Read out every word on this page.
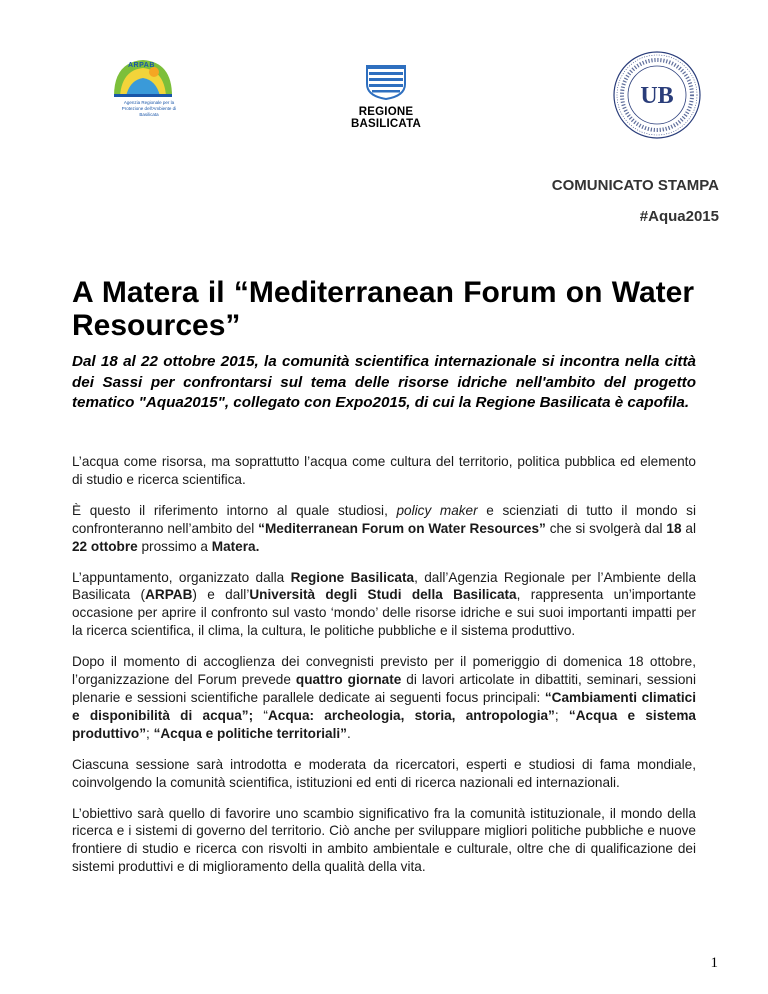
ARPAB
Agenzia Regionale per la Protezione dell'Ambiente di Basilicata	REGIONE BASILICATA
UB
COMUNICATO STAMPA
#Aqua2015
A Matera il “Mediterranean Forum on Water Resources”

Dal 18 al 22 ottobre 2015, la comunità scientifica internazionale si incontra nella città dei Sassi per confrontarsi sul tema delle risorse idriche nell'ambito del progetto tematico "Aqua2015", collegato con Expo2015, di cui la Regione Basilicata è capofila.

L’acqua come risorsa, ma soprattutto l’acqua come cultura del territorio, politica pubblica ed elemento di studio e ricerca scientifica.

È questo il riferimento intorno al quale studiosi, policy maker e scienziati di tutto il mondo si confronteranno nell’ambito del “Mediterranean Forum on Water Resources” che si svolgerà dal 18 al 22 ottobre prossimo a Matera.

L’appuntamento, organizzato dalla Regione Basilicata, dall’Agenzia Regionale per l’Ambiente della Basilicata (ARPAB) e dall’Università degli Studi della Basilicata, rappresenta un’importante occasione per aprire il confronto sul vasto ‘mondo’ delle risorse idriche e sui suoi importanti impatti per la ricerca scientifica, il clima, la cultura, le politiche pubbliche e il sistema produttivo.

Dopo il momento di accoglienza dei convegnisti previsto per il pomeriggio di domenica 18 ottobre, l’organizzazione del Forum prevede quattro giornate di lavori articolate in dibattiti, seminari, sessioni plenarie e sessioni scientifiche parallele dedicate ai seguenti focus principali: “Cambiamenti climatici e disponibilità di acqua”; “Acqua: archeologia, storia, antropologia”; “Acqua e sistema produttivo”; “Acqua e politiche territoriali”.

Ciascuna sessione sarà introdotta e moderata da ricercatori, esperti e studiosi di fama mondiale, coinvolgendo la comunità scientifica, istituzioni ed enti di ricerca nazionali ed internazionali.

L’obiettivo sarà quello di favorire uno scambio significativo fra la comunità istituzionale, il mondo della ricerca e i sistemi di governo del territorio. Ciò anche per sviluppare migliori politiche pubbliche e nuove frontiere di studio e ricerca con risvolti in ambito ambientale e culturale, oltre che di qualificazione dei sistemi produttivi e di miglioramento della qualità della vita.

1
